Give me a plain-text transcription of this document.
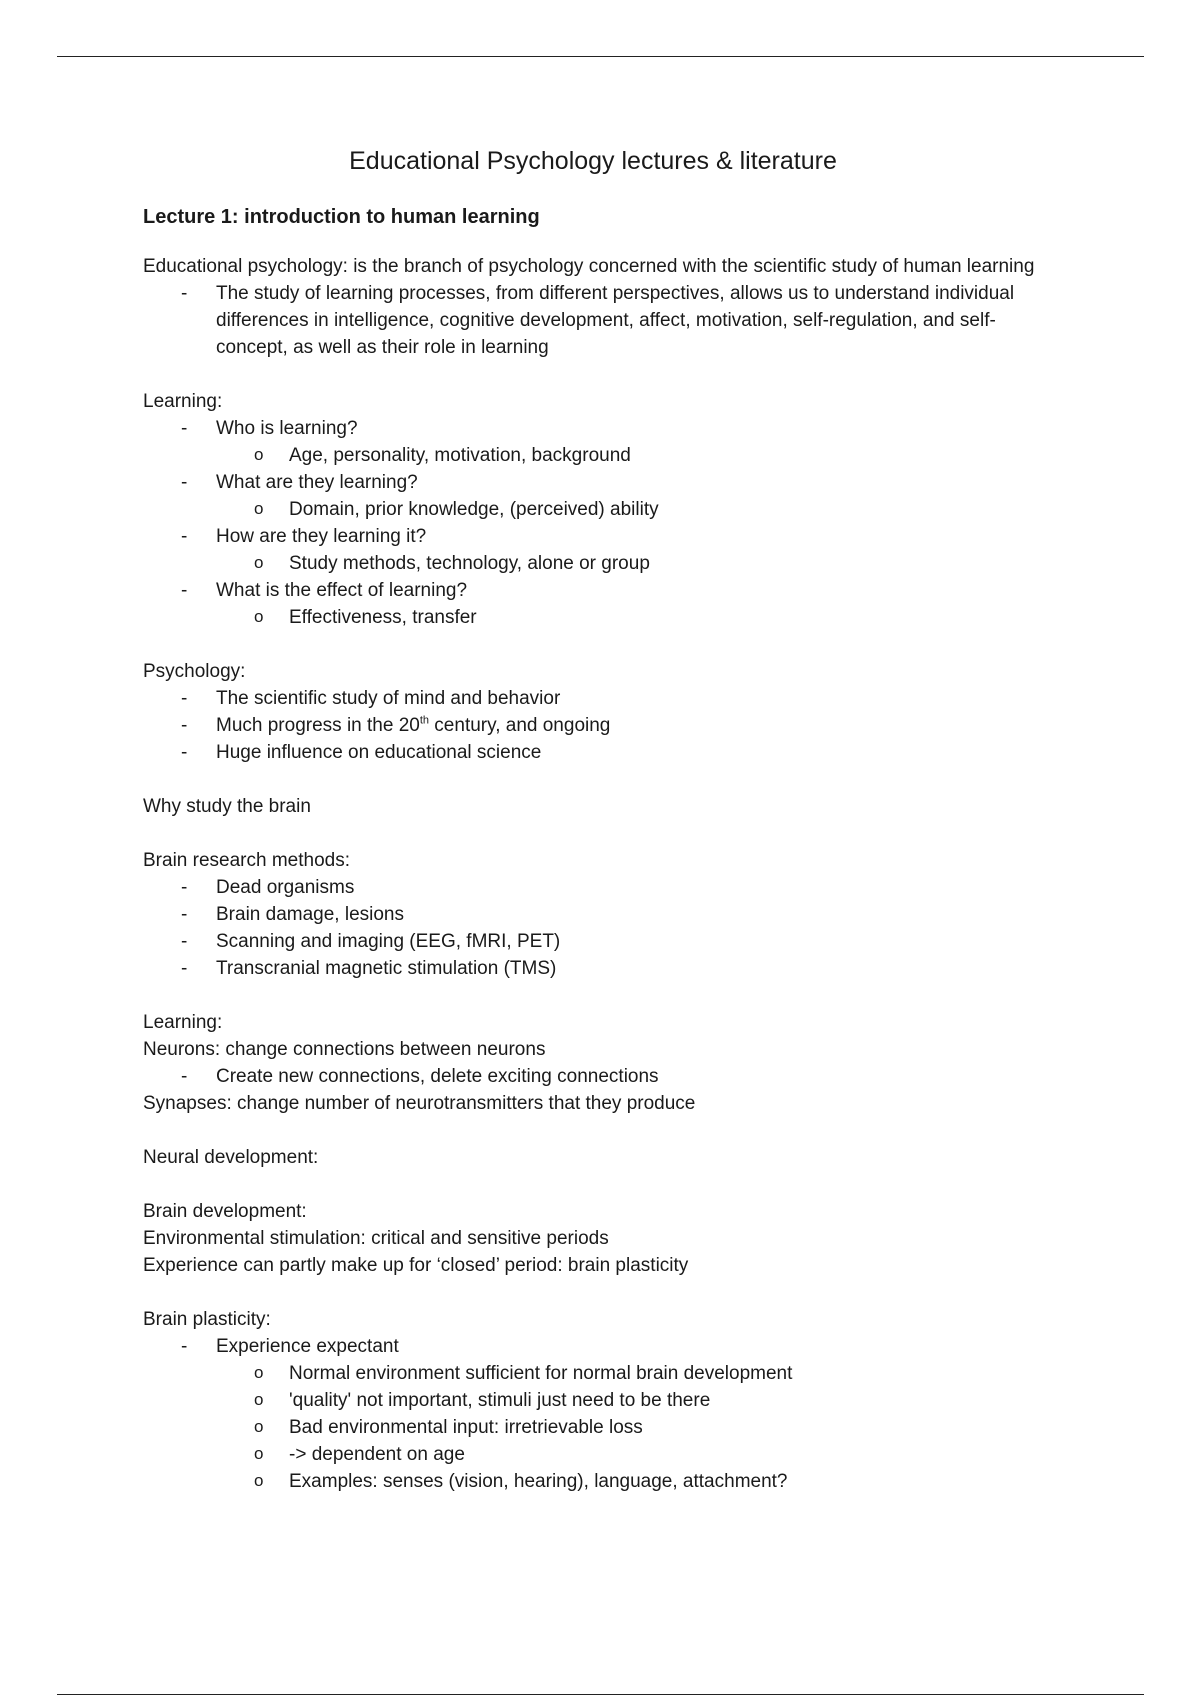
Educational Psychology lectures & literature
Lecture 1: introduction to human learning

Educational psychology: is the branch of psychology concerned with the scientific study of human learning

- The study of learning processes, from different perspectives, allows us to understand individual differences in intelligence, cognitive development, affect, motivation, self-regulation, and self-concept, as well as their role in learning

Learning:

- Who is learning?
o Age, personality, motivation, background
- What are they learning?
o Domain, prior knowledge, (perceived) ability
- How are they learning it?
o Study methods, technology, alone or group
- What is the effect of learning?
o Effectiveness, transfer

Psychology:

- The scientific study of mind and behavior
- Much progress in the 20th century, and ongoing
- Huge influence on educational science

Why study the brain

Brain research methods:

- Dead organisms
- Brain damage, lesions
- Scanning and imaging (EEG, fMRI, PET)
- Transcranial magnetic stimulation (TMS)

Learning:

Neurons: change connections between neurons

- Create new connections, delete exciting connections

Synapses: change number of neurotransmitters that they produce

Neural development:

Brain development:

Environmental stimulation: critical and sensitive periods

Experience can partly make up for ‘closed’ period: brain plasticity

Brain plasticity:

- Experience expectant
o Normal environment sufficient for normal brain development
o 'quality' not important, stimuli just need to be there
o Bad environmental input: irretrievable loss
o -> dependent on age
o Examples: senses (vision, hearing), language, attachment?
